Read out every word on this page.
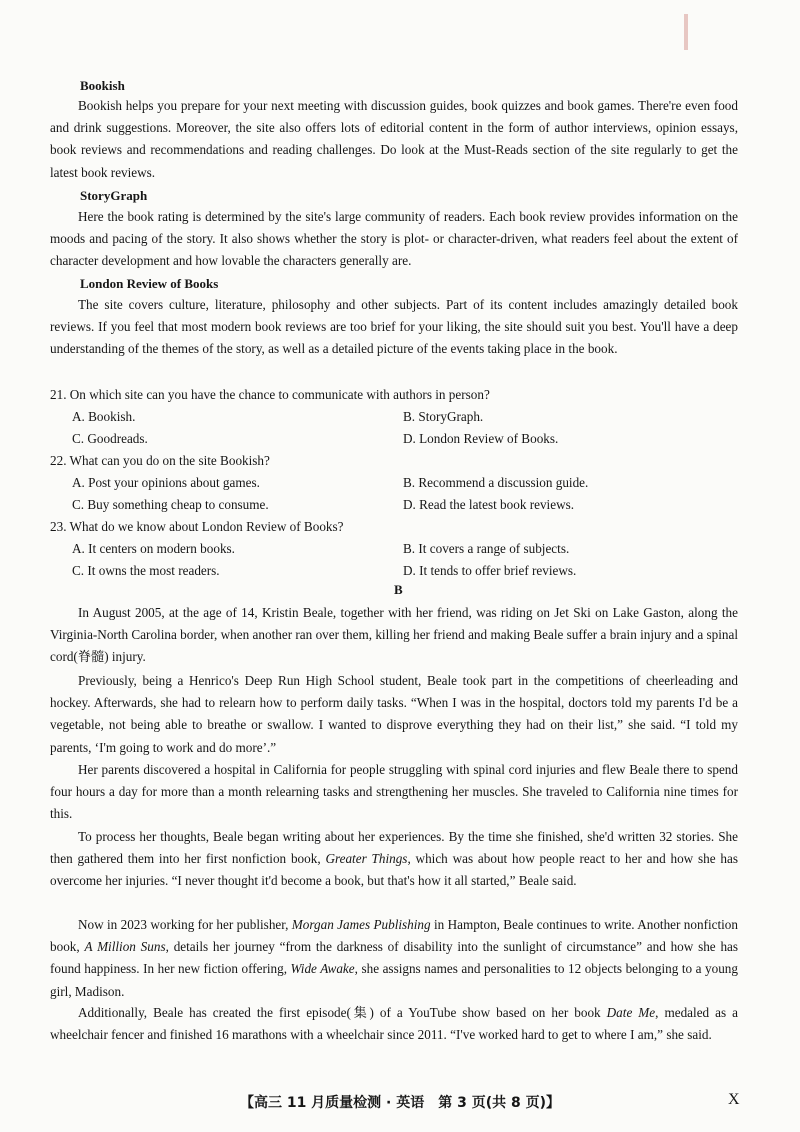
Bookish

Bookish helps you prepare for your next meeting with discussion guides, book quizzes and book games. There're even food and drink suggestions. Moreover, the site also offers lots of editorial content in the form of author interviews, opinion essays, book reviews and recommendations and reading challenges. Do look at the Must-Reads section of the site regularly to get the latest book reviews.

StoryGraph

Here the book rating is determined by the site's large community of readers. Each book review provides information on the moods and pacing of the story. It also shows whether the story is plot- or character-driven, what readers feel about the extent of character development and how lovable the characters generally are.

London Review of Books

The site covers culture, literature, philosophy and other subjects. Part of its content includes amazingly detailed book reviews. If you feel that most modern book reviews are too brief for your liking, the site should suit you best. You'll have a deep understanding of the themes of the story, as well as a detailed picture of the events taking place in the book.

21. On which site can you have the chance to communicate with authors in person?
A. Bookish.	B. StoryGraph.
C. Goodreads.	D. London Review of Books.
22. What can you do on the site Bookish?
A. Post your opinions about games.	B. Recommend a discussion guide.
C. Buy something cheap to consume.	D. Read the latest book reviews.
23. What do we know about London Review of Books?
A. It centers on modern books.	B. It covers a range of subjects.
C. It owns the most readers.	D. It tends to offer brief reviews.
B

In August 2005, at the age of 14, Kristin Beale, together with her friend, was riding on Jet Ski on Lake Gaston, along the Virginia-North Carolina border, when another ran over them, killing her friend and making Beale suffer a brain injury and a spinal cord(脊髓) injury.

Previously, being a Henrico's Deep Run High School student, Beale took part in the competitions of cheerleading and hockey. Afterwards, she had to relearn how to perform daily tasks. “When I was in the hospital, doctors told my parents I'd be a vegetable, not being able to breathe or swallow. I wanted to disprove everything they had on their list,” she said. “I told my parents, ‘I'm going to work and do more’.”

Her parents discovered a hospital in California for people struggling with spinal cord injuries and flew Beale there to spend four hours a day for more than a month relearning tasks and strengthening her muscles. She traveled to California nine times for this.

To process her thoughts, Beale began writing about her experiences. By the time she finished, she'd written 32 stories. She then gathered them into her first nonfiction book, Greater Things, which was about how people react to her and how she has overcome her injuries. “I never thought it'd become a book, but that's how it all started,” Beale said.

Now in 2023 working for her publisher, Morgan James Publishing in Hampton, Beale continues to write. Another nonfiction book, A Million Suns, details her journey “from the darkness of disability into the sunlight of circumstance” and how she has found happiness. In her new fiction offering, Wide Awake, she assigns names and personalities to 12 objects belonging to a young girl, Madison.

Additionally, Beale has created the first episode(集) of a YouTube show based on her book Date Me, medaled as a wheelchair fencer and finished 16 marathons with a wheelchair since 2011. “I've worked hard to get to where I am,” she said.

【高三 11 月质量检测 · 英语　第 3 页(共 8 页)】	X
